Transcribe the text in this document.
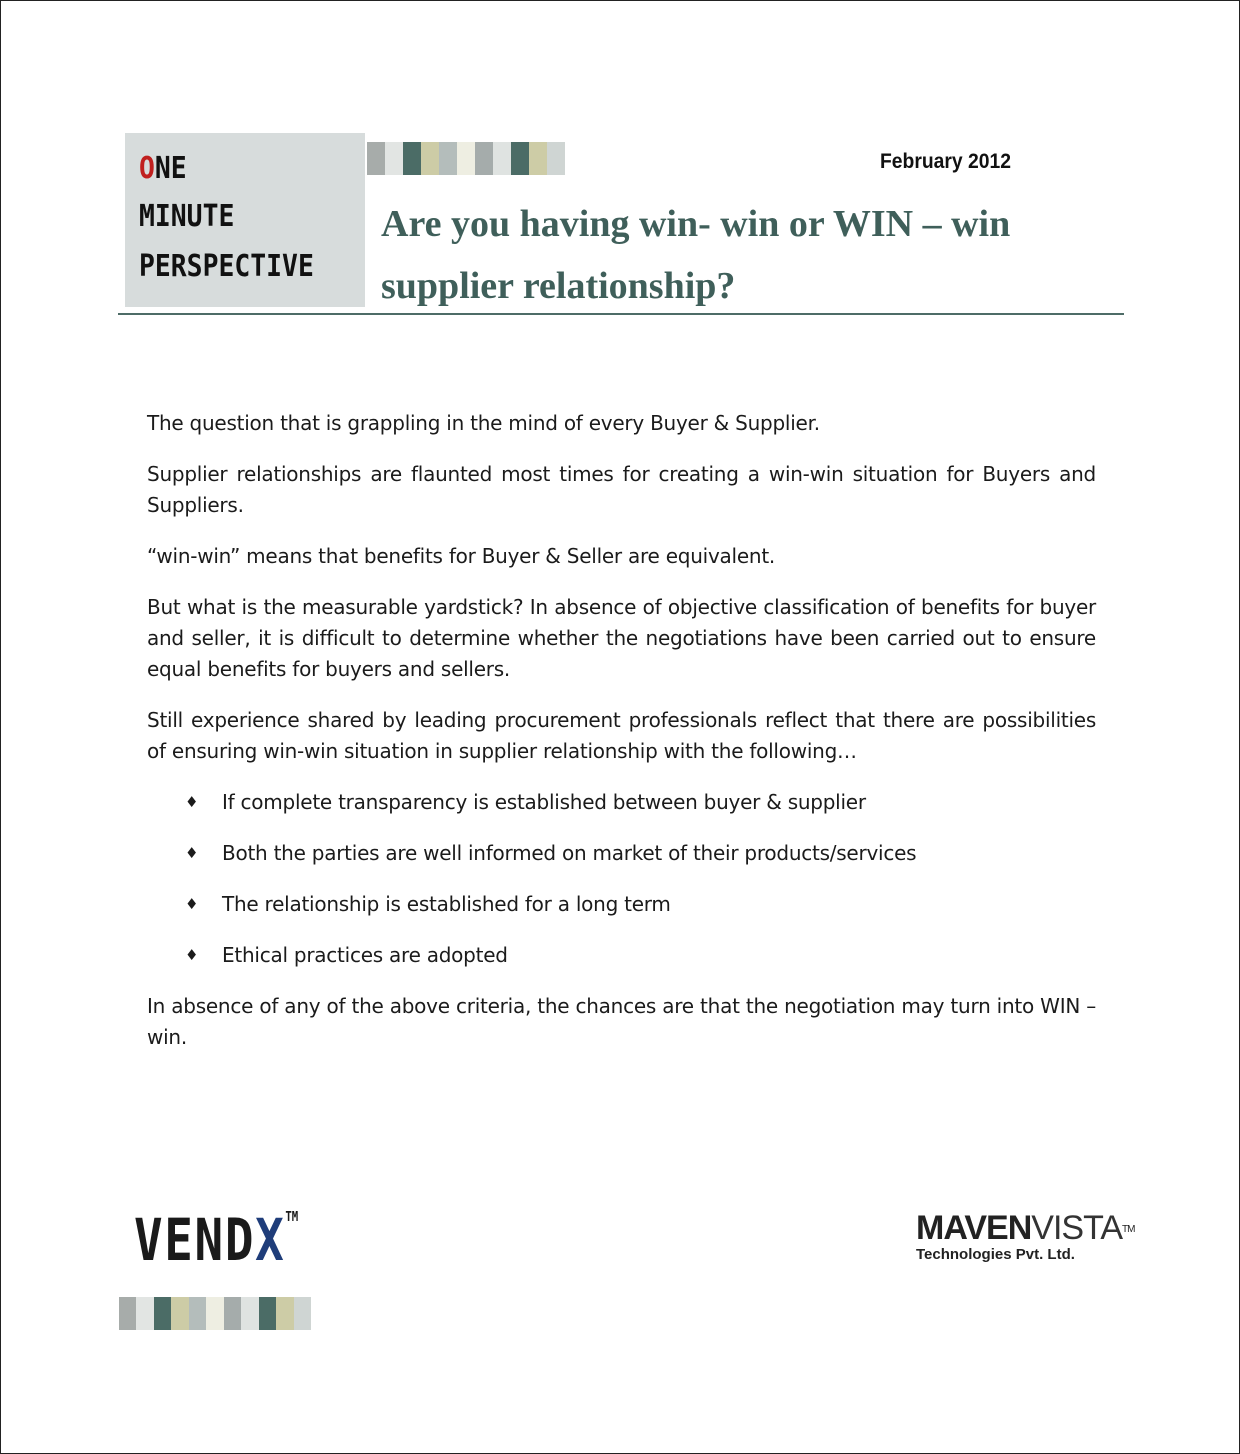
ONE
MINUTE
PERSPECTIVE
February 2012
Are you having win- win or WIN – win supplier relationship?

The question that is grappling in the mind of every Buyer & Supplier.

Supplier relationships are flaunted most times for creating a win-win situation for Buyers and Suppliers.

“win-win” means that benefits for Buyer & Seller are equivalent.

But what is the measurable yardstick? In absence of objective classification of benefits for buyer and seller, it is difficult to determine whether the negotiations have been carried out to ensure equal benefits for buyers and sellers.

Still experience shared by leading procurement professionals reflect that there are possibilities of ensuring win-win situation in supplier relationship with the following…

♦ If complete transparency is established between buyer & supplier
♦ Both the parties are well informed on market of their products/services
♦ The relationship is established for a long term
♦ Ethical practices are adopted

In absence of any of the above criteria, the chances are that the negotiation may turn into WIN – win.

VENDX™	MAVENVISTA™
Technologies Pvt. Ltd.
